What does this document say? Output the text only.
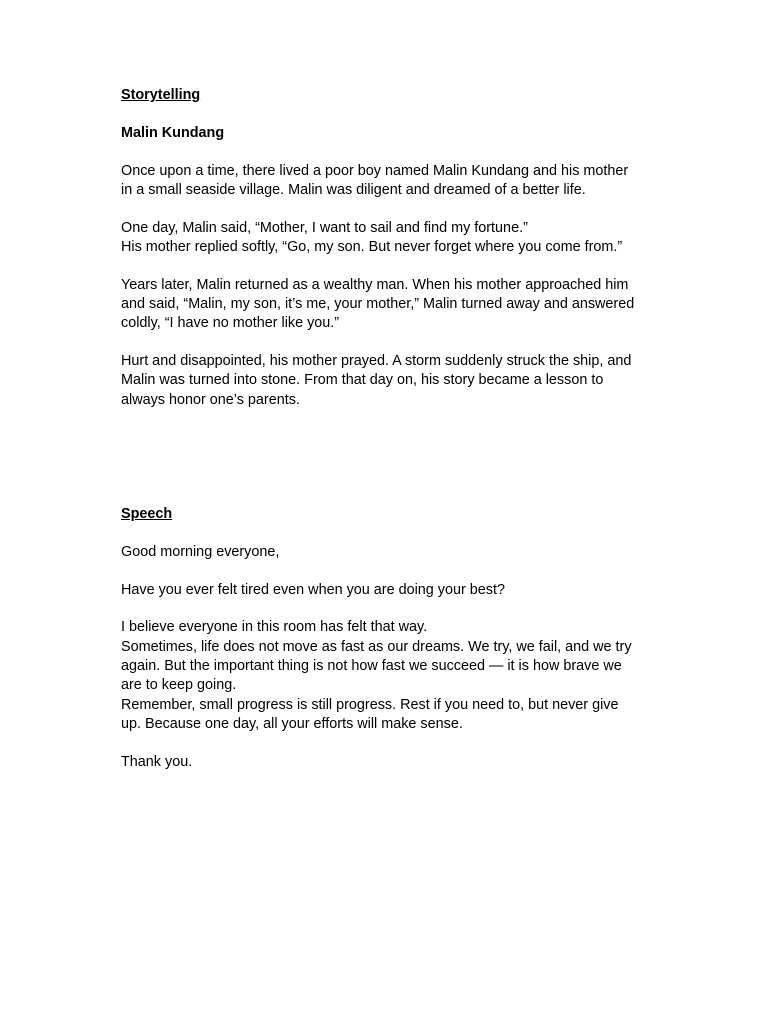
Storytelling

Malin Kundang

Once upon a time, there lived a poor boy named Malin Kundang and his mother
in a small seaside village. Malin was diligent and dreamed of a better life.

One day, Malin said, “Mother, I want to sail and find my fortune.”
His mother replied softly, “Go, my son. But never forget where you come from.”

Years later, Malin returned as a wealthy man. When his mother approached him
and said, “Malin, my son, it’s me, your mother,” Malin turned away and answered
coldly, “I have no mother like you.”

Hurt and disappointed, his mother prayed. A storm suddenly struck the ship, and
Malin was turned into stone. From that day on, his story became a lesson to
always honor one’s parents.

Speech

Good morning everyone,

Have you ever felt tired even when you are doing your best?

I believe everyone in this room has felt that way.
Sometimes, life does not move as fast as our dreams. We try, we fail, and we try
again. But the important thing is not how fast we succeed — it is how brave we
are to keep going.
Remember, small progress is still progress. Rest if you need to, but never give
up. Because one day, all your efforts will make sense.

Thank you.
